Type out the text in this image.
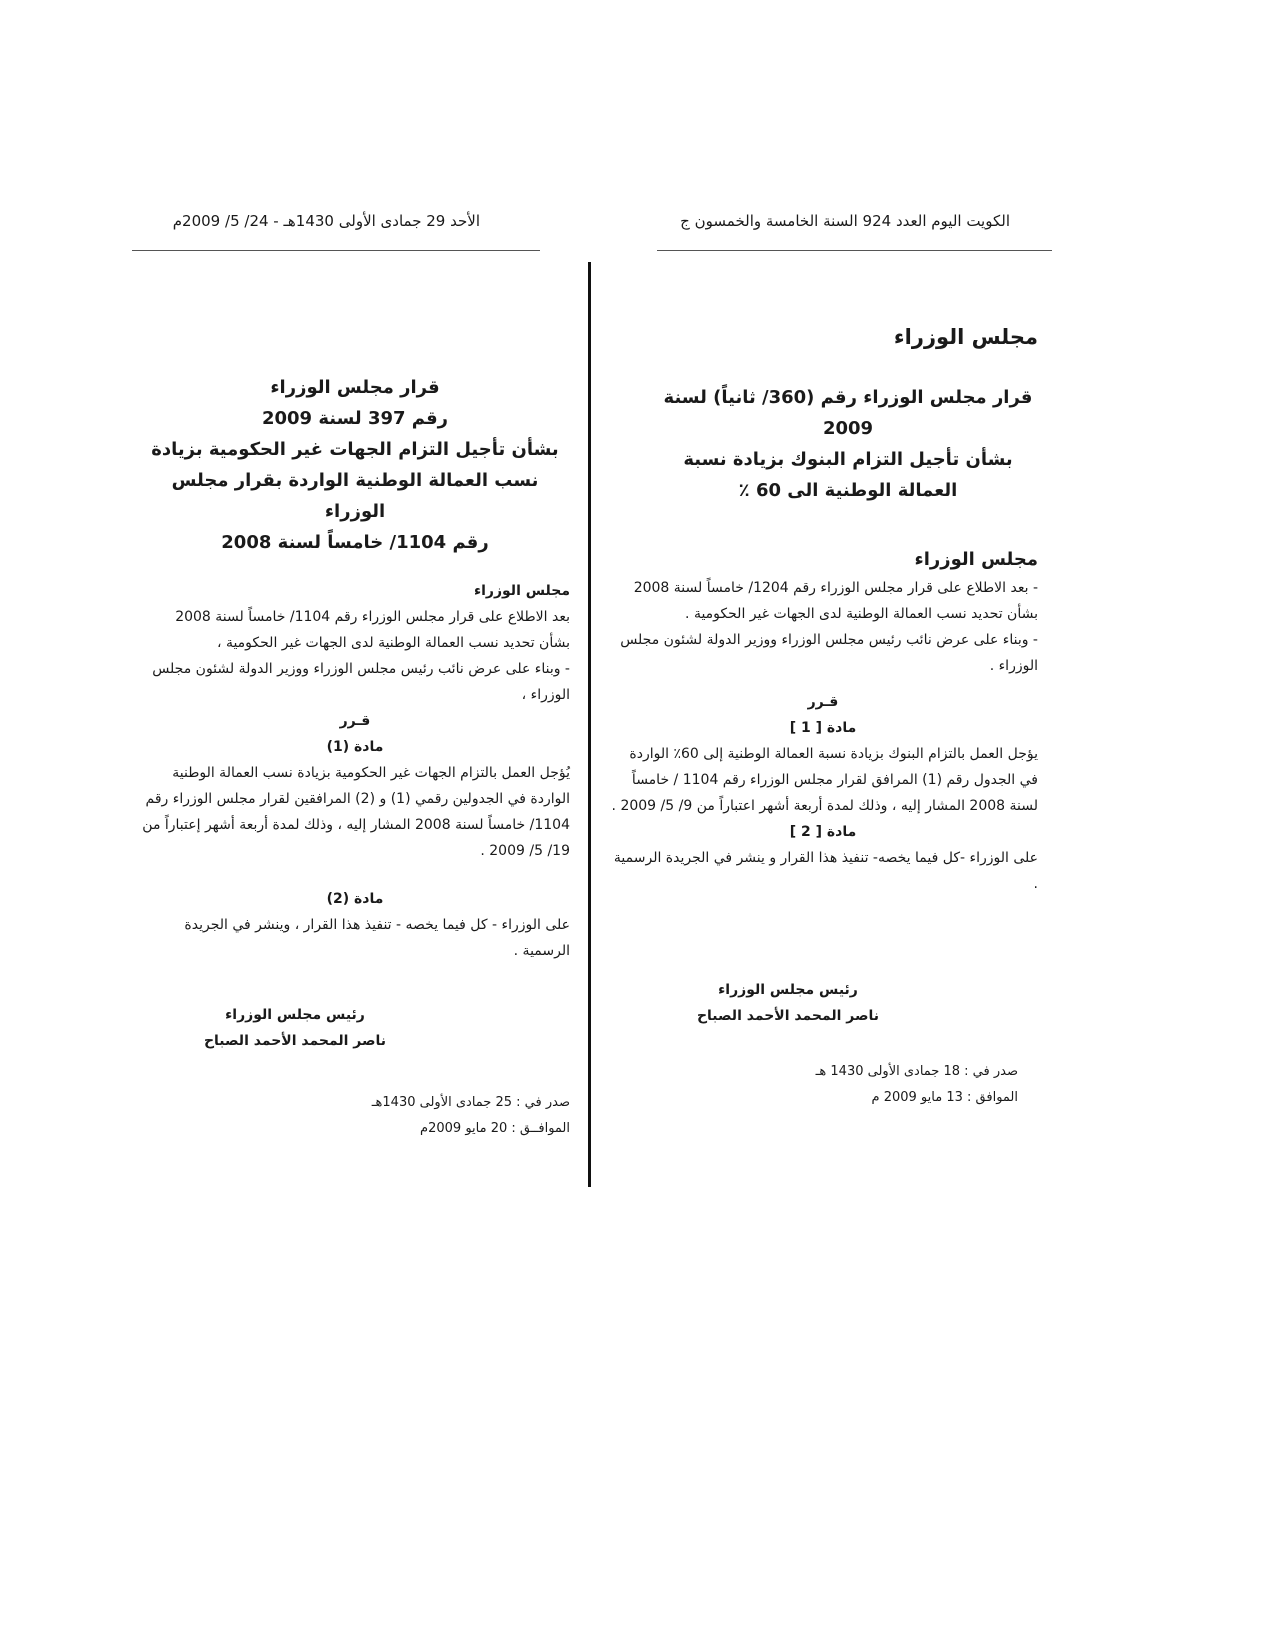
الكويت اليوم العدد 924 السنة الخامسة والخمسون ج
الأحد 29 جمادى الأولى 1430هـ - 24/ 5/ 2009م

مجلس الوزراء

قرار مجلس الوزراء رقم (360/ ثانياً) لسنة 2009

بشأن تأجيل التزام البنوك بزيادة نسبة

العمالة الوطنية الى 60 ٪

مجلس الوزراء

- بعد الاطلاع على قرار مجلس الوزراء رقم 1204/ خامساً لسنة 2008 بشأن تحديد نسب العمالة الوطنية لدى الجهات غير الحكومية .

- وبناء على عرض نائب رئيس مجلس الوزراء ووزير الدولة لشئون مجلس الوزراء .

قـرر

مادة [ 1 ]

يؤجل العمل بالتزام البنوك بزيادة نسبة العمالة الوطنية إلى 60٪ الواردة في الجدول رقم (1) المرافق لقرار مجلس الوزراء رقم 1104 / خامساً لسنة 2008 المشار إليه ، وذلك لمدة أربعة أشهر اعتباراً من 9/ 5/ 2009 .

مادة [ 2 ]

على الوزراء -كل فيما يخصه- تنفيذ هذا القرار و ينشر في الجريدة الرسمية .

رئيس مجلس الوزراء

ناصر المحمد الأحمد الصباح

صدر في : 18 جمادى الأولى 1430 هـ

الموافق : 13 مايو 2009 م

قرار مجلس الوزراء

رقم 397 لسنة 2009

بشأن تأجيل التزام الجهات غير الحكومية بزيادة

نسب العمالة الوطنية الواردة بقرار مجلس الوزراء

رقم 1104/ خامساً لسنة 2008

مجلس الوزراء

بعد الاطلاع على قرار مجلس الوزراء رقم 1104/ خامساً لسنة 2008 بشأن تحديد نسب العمالة الوطنية لدى الجهات غير الحكومية ،

- وبناء على عرض نائب رئيس مجلس الوزراء ووزير الدولة لشئون مجلس الوزراء ،

قـرر

مادة (1)

يُؤجل العمل بالتزام الجهات غير الحكومية بزيادة نسب العمالة الوطنية الواردة في الجدولين رقمي (1) و (2) المرافقين لقرار مجلس الوزراء رقم 1104/ خامساً لسنة 2008 المشار إليه ، وذلك لمدة أربعة أشهر إعتباراً من 19/ 5/ 2009 .

مادة (2)

على الوزراء - كل فيما يخصه - تنفيذ هذا القرار ، وينشر في الجريدة الرسمية .

رئيس مجلس الوزراء

ناصر المحمد الأحمد الصباح

صدر في : 25 جمادى الأولى 1430هـ

الموافــق : 20 مايو 2009م
